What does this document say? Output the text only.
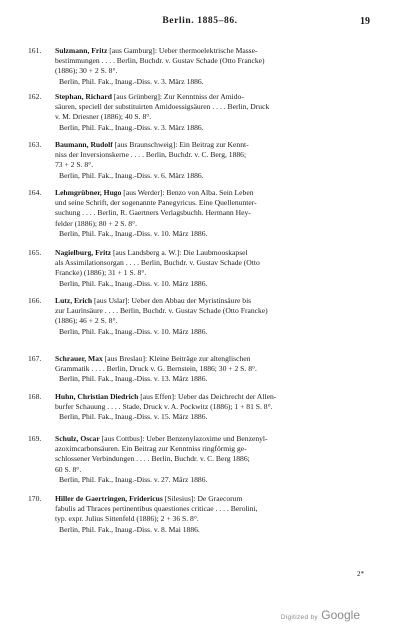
Berlin. 1885–86.	19
161.	Sulzmann, Fritz [aus Gamburg]: Ueber thermoelektrische Masse-
bestimmungen . . . . Berlin, Buchdr. v. Gustav Schade (Otto Francke)
(1886); 30 + 2 S. 8°.
Berlin, Phil. Fak., Inaug.-Diss. v. 3. März 1886.
162.	Stephan, Richard [aus Grünberg]: Zur Kenntniss der Amido-
säuren, speciell der substituirten Amidoessigsäuren . . . . Berlin, Druck
v. M. Driesner (1886); 40 S. 8°.
Berlin, Phil. Fak., Inaug.-Diss. v. 3. März 1886.
163.	Baumann, Rudolf [aus Braunschweig]: Ein Beitrag zur Kennt-
niss der Inversionskerne . . . . Berlin, Buchdr. v. C. Berg, 1886;
73 + 2 S. 8°.
Berlin, Phil. Fak., Inaug.-Diss. v. 6. März 1886.
164.	Lehmgrübner, Hugo [aus Werder]: Benzo von Alba. Sein Leben
und seine Schrift, der sogenannte Panegyricus. Eine Quellenunter-
suchung . . . . Berlin, R. Gaertners Verlagsbuchh. Hermann Hey-
felder (1886); 80 + 2 S. 8°.
Berlin, Phil. Fak., Inaug.-Diss. v. 10. März 1886.
165.	Nagielburg, Fritz [aus Landsberg a. W.]: Die Laubmooskapsel
als Assimilationsorgan . . . . Berlin, Buchdr. v. Gustav Schade (Otto
Francke) (1886); 31 + 1 S. 8°.
Berlin, Phil. Fak., Inaug.-Diss. v. 10. März 1886.
166.	Lutz, Erich [aus Uslar]: Ueber den Abbau der Myristinsäure bis
zur Laurinsäure . . . . Berlin, Buchdr. v. Gustav Schade (Otto Francke)
(1886); 46 + 2 S. 8°.
Berlin, Phil. Fak., Inaug.-Diss. v. 10. März 1886.
167.	Schrauer, Max [aus Breslau]: Kleine Beiträge zur altenglischen
Grammatik . . . . Berlin, Druck v. G. Bernstein, 1886; 30 + 2 S. 8°.
Berlin, Phil. Fak., Inaug.-Diss. v. 13. März 1886.
168.	Huhn, Christian Diedrich [aus Effen]: Ueber das Deichrecht der Allen-
burfer Schauung . . . . Stade, Druck v. A. Pockwitz (1886); 1 + 81 S. 8°.
Berlin, Phil. Fak., Inaug.-Diss. v. 15. März 1886.
169.	Schulz, Oscar [aus Cottbus]: Ueber Benzenylazoxime und Benzenyl-
azoximcarbonsäuren. Ein Beitrag zur Kenntniss ringförmig ge-
schlossener Verbindungen . . . . Berlin, Buchdr. v. C. Berg 1886;
60 S. 8°.
Berlin, Phil. Fak., Inaug.-Diss. v. 27. März 1886.
170.	Hiller de Gaertringen, Fridericus [Silesius]: De Graecorum
fabulis ad Thraces pertinentibus quaestiones criticae . . . . Berolini,
typ. expr. Julius Sittenfeld (1886); 2 + 36 S. 8°.
Berlin, Phil. Fak., Inaug.-Diss. v. 8. Mai 1886.
2*
Digitized by Google
